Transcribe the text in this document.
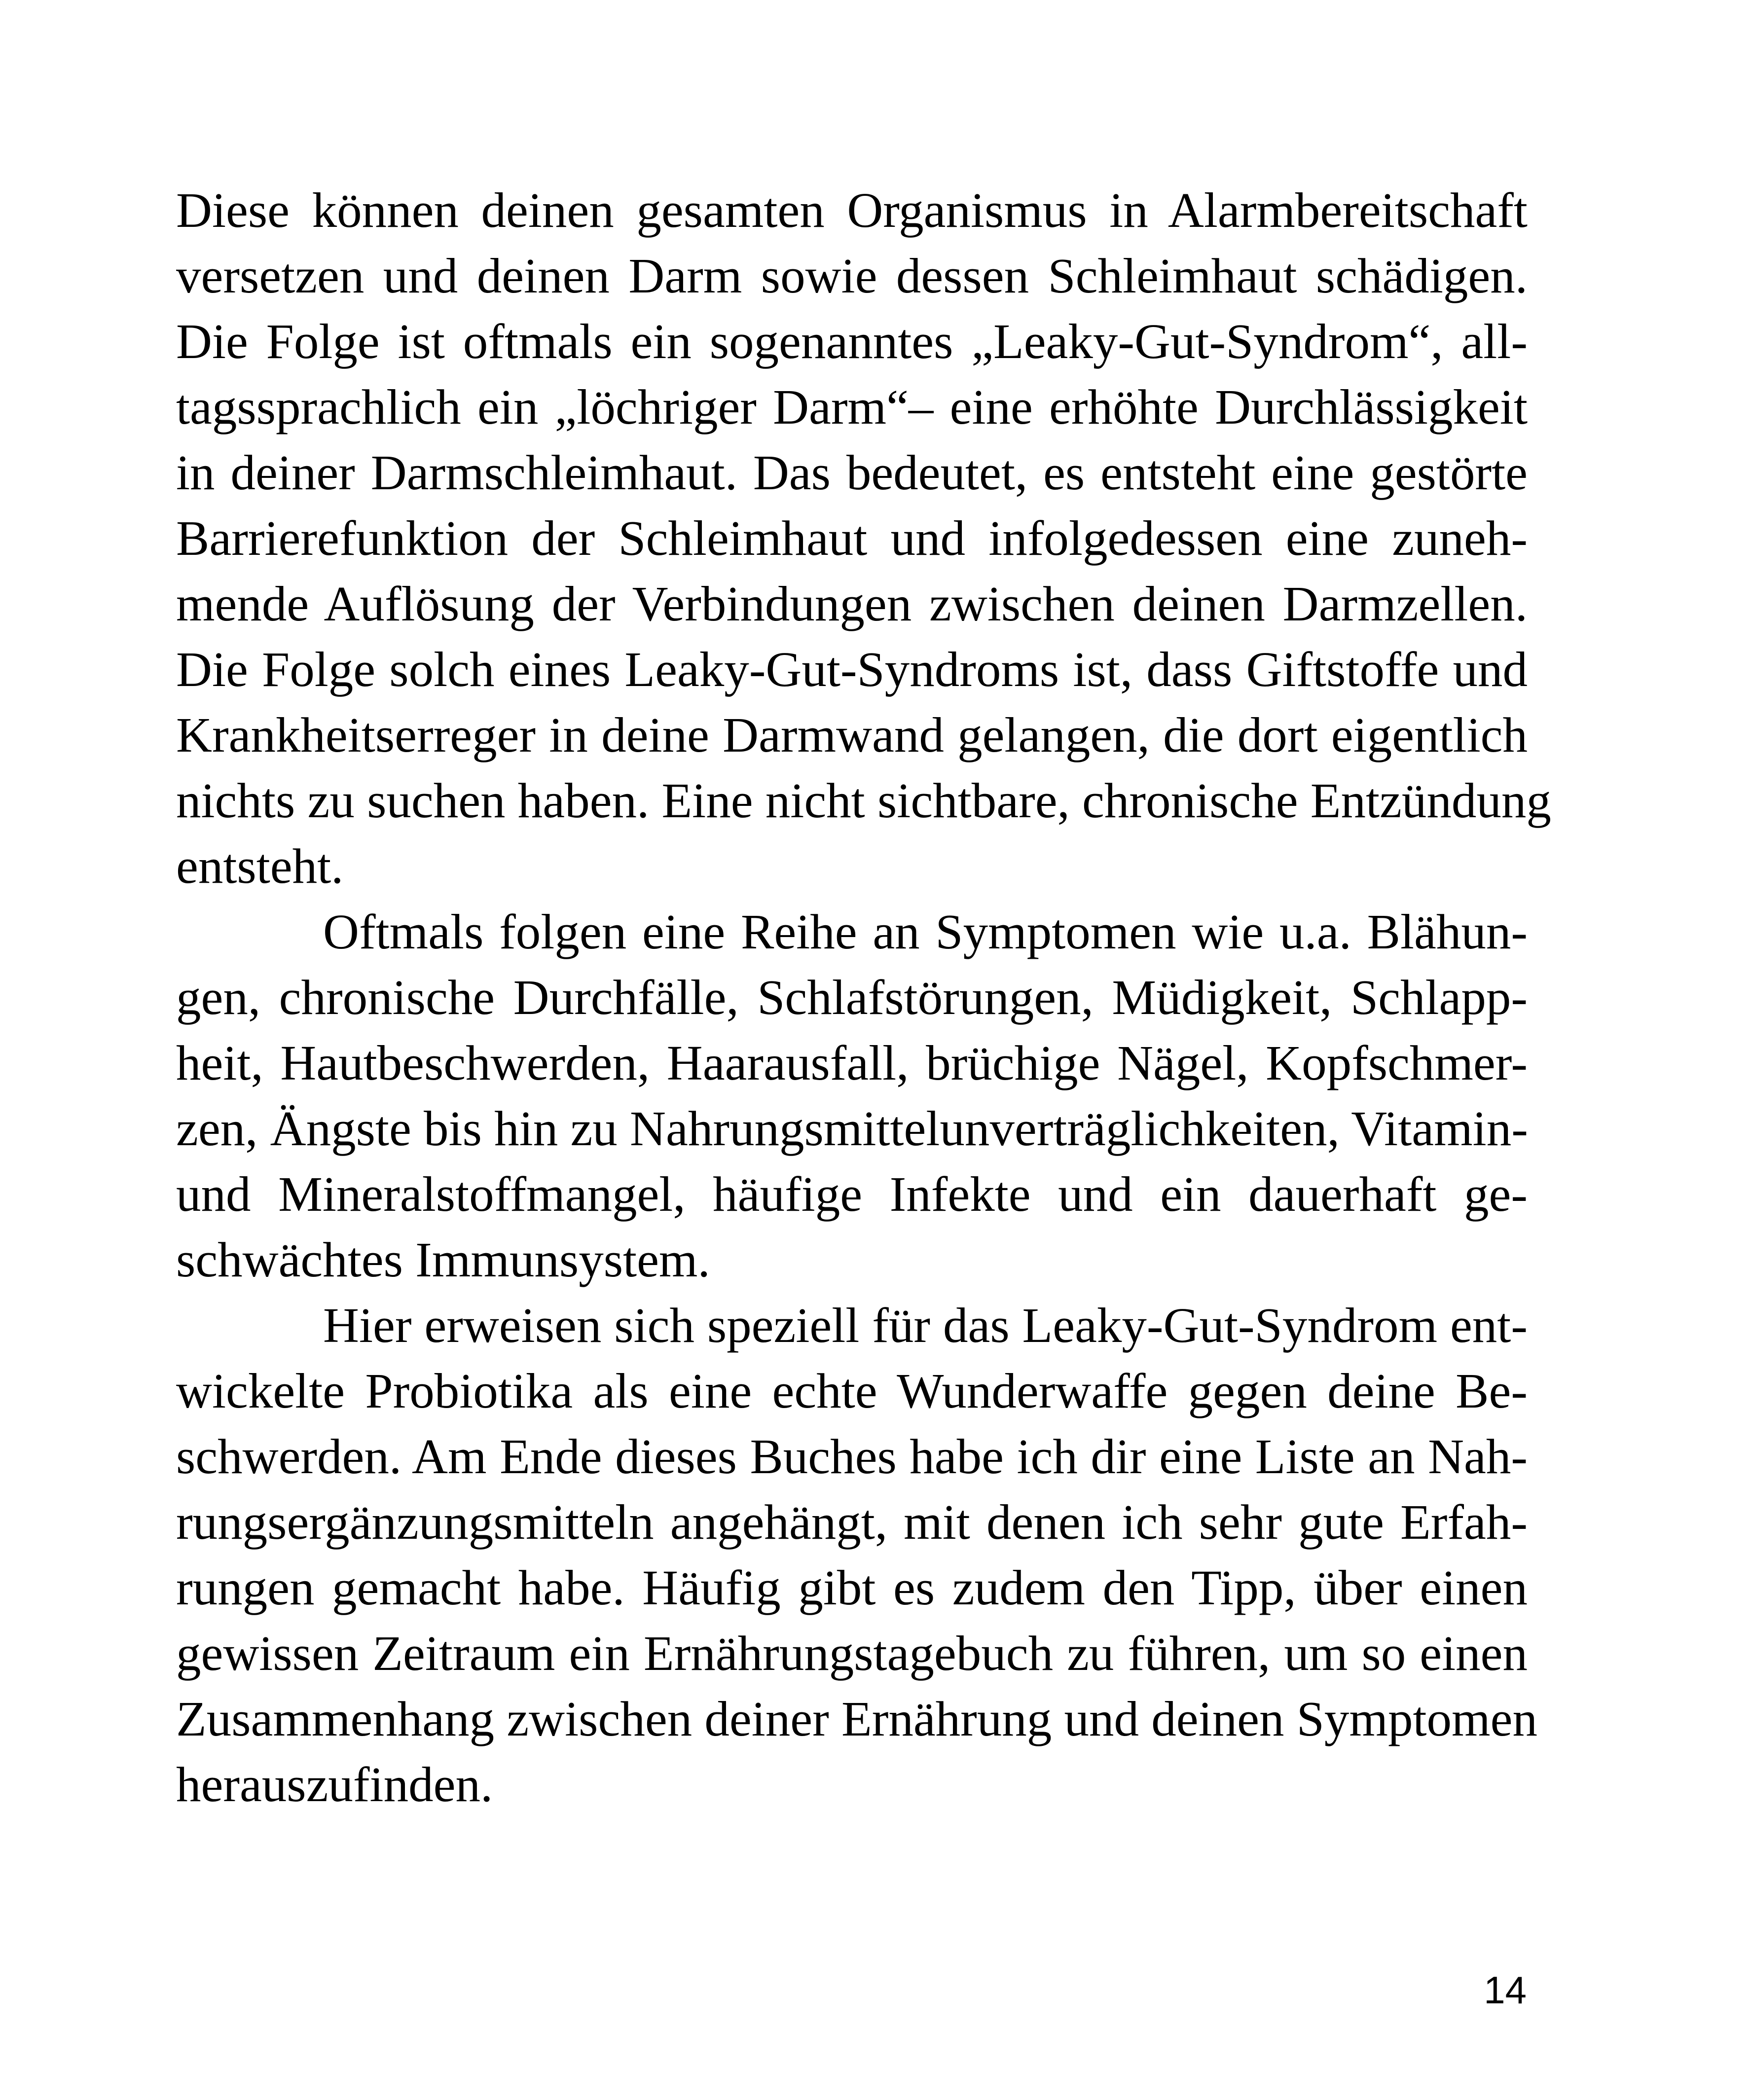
Diese können deinen gesamten Organismus in Alarmbereitschaft
versetzen und deinen Darm sowie dessen Schleimhaut schädigen.
Die Folge ist oftmals ein sogenanntes „Leaky-Gut-Syndrom“, all-
tagssprachlich ein „löchriger Darm“– eine erhöhte Durchlässigkeit
in deiner Darmschleimhaut. Das bedeutet, es entsteht eine gestörte
Barrierefunktion der Schleimhaut und infolgedessen eine zuneh-
mende Auflösung der Verbindungen zwischen deinen Darmzellen.
Die Folge solch eines Leaky-Gut-Syndroms ist, dass Giftstoffe und
Krankheitserreger in deine Darmwand gelangen, die dort eigentlich
nichts zu suchen haben. Eine nicht sichtbare, chronische Entzündung
entsteht.
Oftmals folgen eine Reihe an Symptomen wie u.a. Blähun-
gen, chronische Durchfälle, Schlafstörungen, Müdigkeit, Schlapp-
heit, Hautbeschwerden, Haarausfall, brüchige Nägel, Kopfschmer-
zen, Ängste bis hin zu Nahrungsmittelunverträglichkeiten, Vitamin-
und Mineralstoffmangel, häufige Infekte und ein dauerhaft ge-
schwächtes Immunsystem.
Hier erweisen sich speziell für das Leaky-Gut-Syndrom ent-
wickelte Probiotika als eine echte Wunderwaffe gegen deine Be-
schwerden. Am Ende dieses Buches habe ich dir eine Liste an Nah-
rungsergänzungsmitteln angehängt, mit denen ich sehr gute Erfah-
rungen gemacht habe. Häufig gibt es zudem den Tipp, über einen
gewissen Zeitraum ein Ernährungstagebuch zu führen, um so einen
Zusammenhang zwischen deiner Ernährung und deinen Symptomen
herauszufinden.
14
